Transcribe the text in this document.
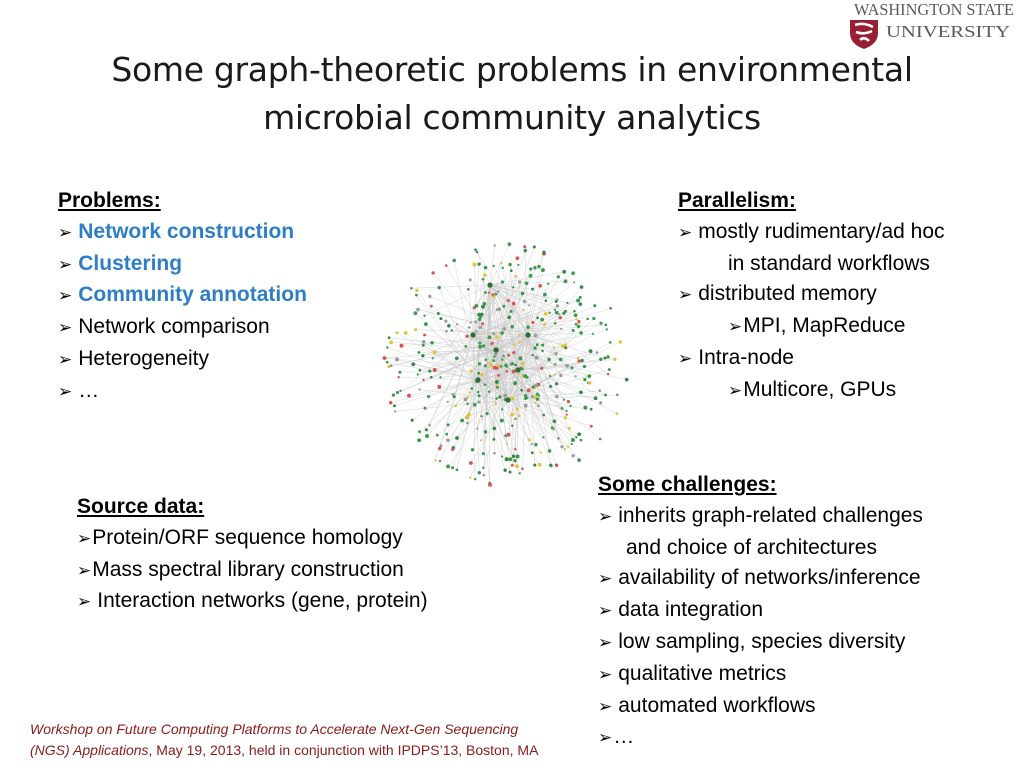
WASHINGTON STATE
UNIVERSITY
Some graph-theoretic problems in environmental
microbial community analytics
Problems:
➢ Network construction
➢ Clustering
➢ Community annotation
➢ Network comparison
➢ Heterogeneity
➢ …
Parallelism:
➢ mostly rudimentary/ad hoc
in standard workflows
➢ distributed memory
➢MPI, MapReduce
➢ Intra-node
➢Multicore, GPUs
Source data:
➢Protein/ORF sequence homology
➢Mass spectral library construction
➢ Interaction networks (gene, protein)
Some challenges:
➢ inherits graph-related challenges
and choice of architectures
➢ availability of networks/inference
➢ data integration
➢ low sampling, species diversity
➢ qualitative metrics
➢ automated workflows
➢…
Workshop on Future Computing Platforms to Accelerate Next-Gen Sequencing
(NGS) Applications, May 19, 2013, held in conjunction with IPDPS’13, Boston, MA
